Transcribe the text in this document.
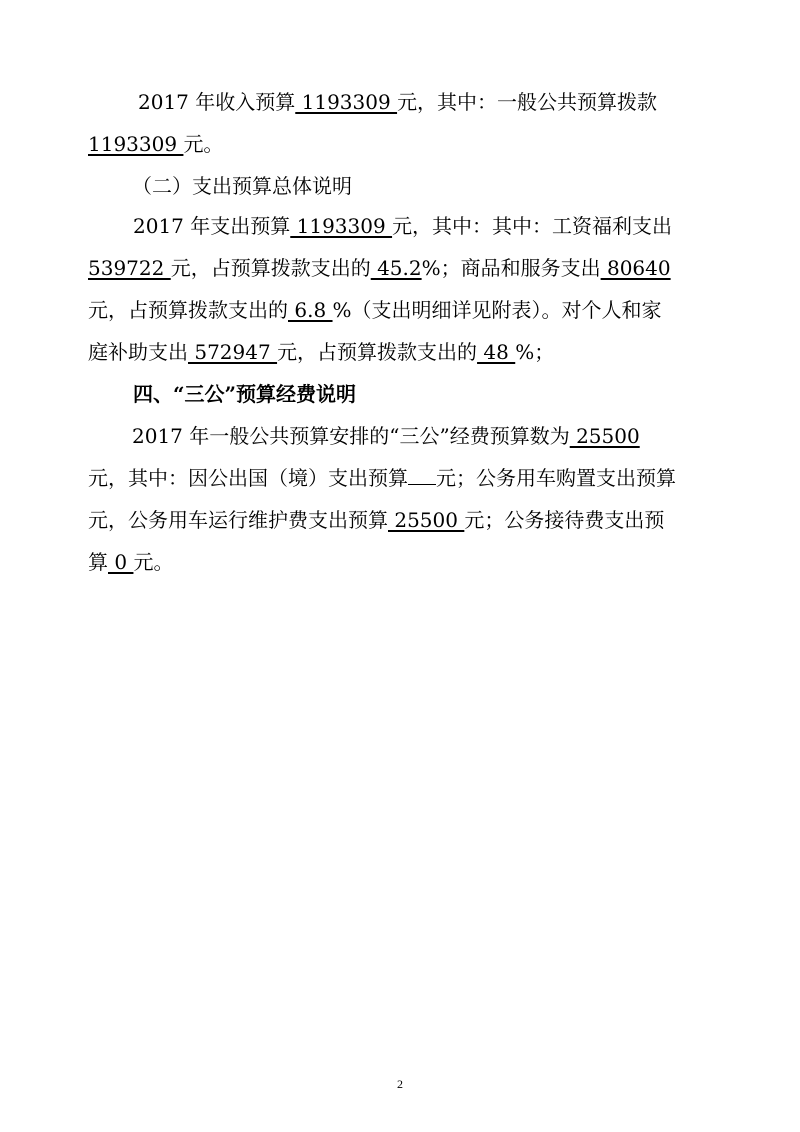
2017 年收入预算 1193309 元，其中：一般公共预算拨款
1193309 元。
（二）支出预算总体说明
2017 年支出预算 1193309 元，其中：其中：工资福利支出
539722 元，占预算拨款支出的 45.2%；商品和服务支出 80640
元，占预算拨款支出的 6.8 %（支出明细详见附表）。对个人和家
庭补助支出 572947 元，占预算拨款支出的 48 %；
四、“三公”预算经费说明
2017 年一般公共预算安排的“三公”经费预算数为 25500
元，其中：因公出国（境）支出预算 元；公务用车购置支出预算
元，公务用车运行维护费支出预算 25500 元；公务接待费支出预
算 0 元。
2
